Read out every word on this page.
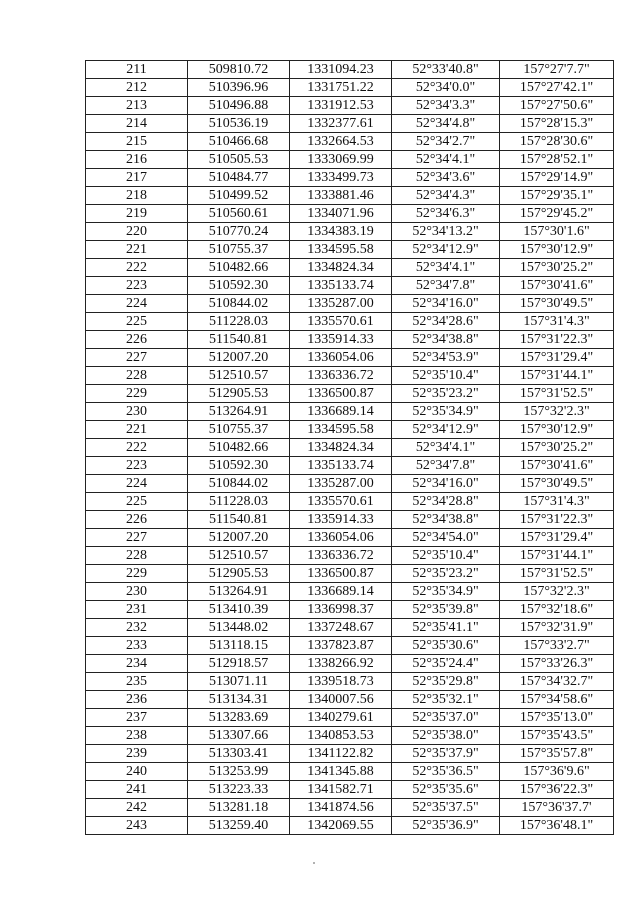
211	509810.72	1331094.23	52°33'40.8"	157°27'7.7"
212	510396.96	1331751.22	52°34'0.0"	157°27'42.1"
213	510496.88	1331912.53	52°34'3.3"	157°27'50.6"
214	510536.19	1332377.61	52°34'4.8"	157°28'15.3"
215	510466.68	1332664.53	52°34'2.7"	157°28'30.6"
216	510505.53	1333069.99	52°34'4.1"	157°28'52.1"
217	510484.77	1333499.73	52°34'3.6"	157°29'14.9"
218	510499.52	1333881.46	52°34'4.3"	157°29'35.1"
219	510560.61	1334071.96	52°34'6.3"	157°29'45.2"
220	510770.24	1334383.19	52°34'13.2"	157°30'1.6"
221	510755.37	1334595.58	52°34'12.9"	157°30'12.9"
222	510482.66	1334824.34	52°34'4.1"	157°30'25.2"
223	510592.30	1335133.74	52°34'7.8"	157°30'41.6"
224	510844.02	1335287.00	52°34'16.0"	157°30'49.5"
225	511228.03	1335570.61	52°34'28.6"	157°31'4.3"
226	511540.81	1335914.33	52°34'38.8"	157°31'22.3"
227	512007.20	1336054.06	52°34'53.9"	157°31'29.4"
228	512510.57	1336336.72	52°35'10.4"	157°31'44.1"
229	512905.53	1336500.87	52°35'23.2"	157°31'52.5"
230	513264.91	1336689.14	52°35'34.9"	157°32'2.3"
221	510755.37	1334595.58	52°34'12.9"	157°30'12.9"
222	510482.66	1334824.34	52°34'4.1"	157°30'25.2"
223	510592.30	1335133.74	52°34'7.8"	157°30'41.6"
224	510844.02	1335287.00	52°34'16.0"	157°30'49.5"
225	511228.03	1335570.61	52°34'28.8"	157°31'4.3"
226	511540.81	1335914.33	52°34'38.8"	157°31'22.3"
227	512007.20	1336054.06	52°34'54.0"	157°31'29.4"
228	512510.57	1336336.72	52°35'10.4"	157°31'44.1"
229	512905.53	1336500.87	52°35'23.2"	157°31'52.5"
230	513264.91	1336689.14	52°35'34.9"	157°32'2.3"
231	513410.39	1336998.37	52°35'39.8"	157°32'18.6"
232	513448.02	1337248.67	52°35'41.1"	157°32'31.9"
233	513118.15	1337823.87	52°35'30.6"	157°33'2.7"
234	512918.57	1338266.92	52°35'24.4"	157°33'26.3"
235	513071.11	1339518.73	52°35'29.8"	157°34'32.7"
236	513134.31	1340007.56	52°35'32.1"	157°34'58.6"
237	513283.69	1340279.61	52°35'37.0"	157°35'13.0"
238	513307.66	1340853.53	52°35'38.0"	157°35'43.5"
239	513303.41	1341122.82	52°35'37.9"	157°35'57.8"
240	513253.99	1341345.88	52°35'36.5"	157°36'9.6"
241	513223.33	1341582.71	52°35'35.6"	157°36'22.3"
242	513281.18	1341874.56	52°35'37.5"	157°36'37.7'
243	513259.40	1342069.55	52°35'36.9"	157°36'48.1"
